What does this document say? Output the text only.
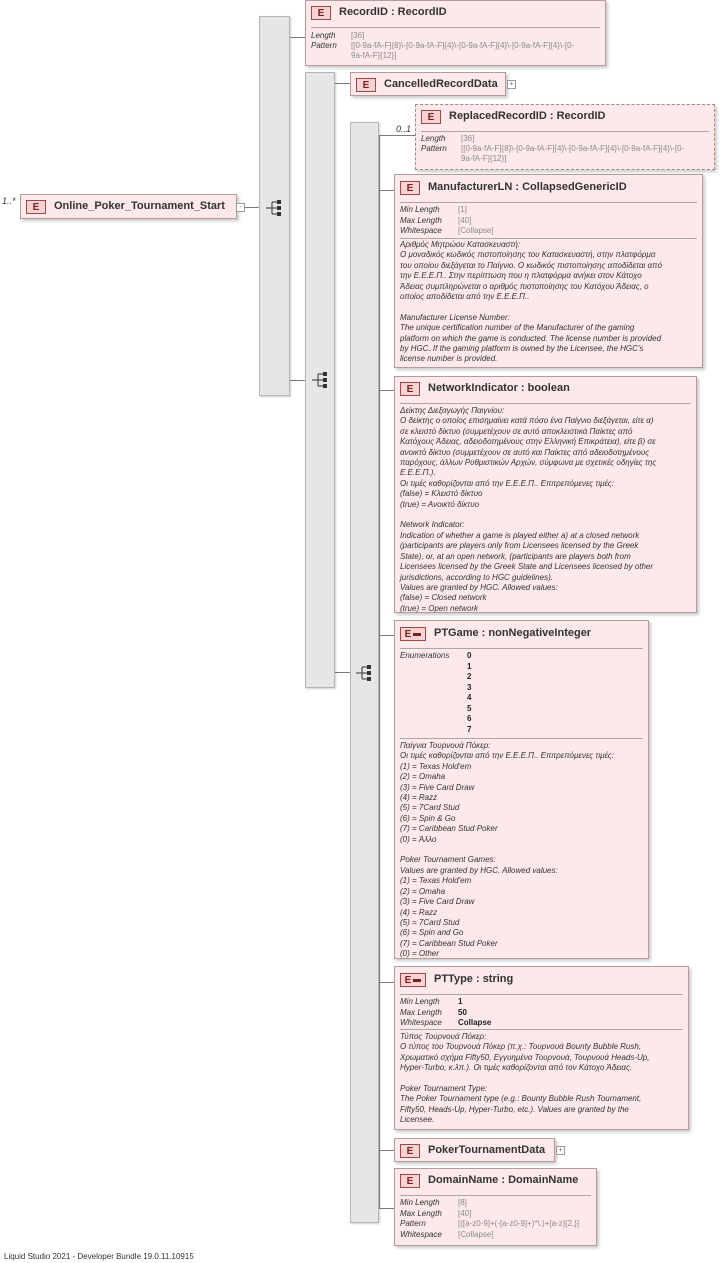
1..*
E	Online_Poker_Tournament_Start	-
E	RecordID : RecordID
Length [36]
Pattern [[0-9a-fA-F]{8}\-[0-9a-fA-F]{4}\-[0-9a-fA-F]{4}\-[0-9a-fA-F]{4}\-[0-
9a-fA-F]{12}]
E	CancelledRecordData	+
0..1
E	ReplacedRecordID : RecordID
Length [36]
Pattern [[0-9a-fA-F]{8}\-[0-9a-fA-F]{4}\-[0-9a-fA-F]{4}\-[0-9a-fA-F]{4}\-[0-
9a-fA-F]{12}]
E	ManufacturerLN : CollapsedGenericID
Min Length [1]
Max Length [40]
Whitespace [Collapse]
Αριθμός Μητρώου Κατασκευαστή:
Ο μοναδικός κωδικός πιστοποίησης του Κατασκευαστή, στην πλατφόρμα
του οποίου διεξάγεται το Παίγνιο. Ο κωδικός πιστοποίησης αποδίδεται από
την Ε.Ε.Ε.Π.. Στην περίπτωση που η πλατφόρμα ανήκει στον Κάτοχο
Άδειας συμπληρώνεται ο αριθμός πιστοποίησης του Κατόχου Άδειας, ο
οποίος αποδίδεται από την Ε.Ε.Ε.Π..

Manufacturer License Number:
The unique certification number of the Manufacturer of the gaming
platform on which the game is conducted. The license number is provided
by HGC. If the gaming platform is owned by the Licensee, the HGC's
license number is provided.
E	NetworkIndicator : boolean
Δείκτης Διεξαγωγής Παιγνίου:
Ο δείκτης ο οποίος επισημαίνει κατά πόσο ένα Παίγνιο διεξάγεται, είτε α)
σε κλειστό δίκτυο (συμμετέχουν σε αυτό αποκλειστικά Παίκτες από
Κατόχους Άδειας, αδειοδοτημένους στην Ελληνική Επικράτεια), είτε β) σε
ανοικτό δίκτυο (συμμετέχουν σε αυτό και Παίκτες από αδειοδοτημένους
παρόχους, άλλων Ρυθμιστικών Αρχών, σύμφωνα με σχετικές οδηγίες της
Ε.Ε.Ε.Π.).
Οι τιμές καθορίζονται από την Ε.Ε.Ε.Π.. Επιτρεπόμενες τιμές:
(false) = Κλειστό δίκτυο
(true) = Ανοικτό δίκτυο

Network Indicator:
Indication of whether a game is played either a) at a closed network
(participants are players only from Licensees licensed by the Greek
State), or, at an open network, (participants are players both from
Licensees licensed by the Greek State and Licensees licensed by other
jurisdictions, according to HGC guidelines).
Values are granted by HGC. Allowed values:
(false) = Closed network
(true) = Open network
E	PTGame : nonNegativeInteger
Enumerations 0
1
2
3
4
5
6
7
Παίγνια Τουρνουά Πόκερ:
Οι τιμές καθορίζονται από την Ε.Ε.Ε.Π.. Επιτρεπόμενες τιμές:
(1) = Texas Hold'em
(2) = Omaha
(3) = Five Card Draw
(4) = Razz
(5) = 7Card Stud
(6) = Spin & Go
(7) = Caribbean Stud Poker
(0) = Άλλο

Poker Tournament Games:
Values are granted by HGC. Allowed values:
(1) = Texas Hold'em
(2) = Omaha
(3) = Five Card Draw
(4) = Razz
(5) = 7Card Stud
(6) = Spin and Go
(7) = Caribbean Stud Poker
(0) = Other
E	PTType : string
Min Length 1
Max Length 50
Whitespace Collapse
Τύπος Τουρνουά Πόκερ:
Ο τύπος του Τουρνουά Πόκερ (π.χ.: Τουρνουά Bounty Bubble Rush,
Χρωματικό σχήμα Fifty50, Εγγυημένα Τουρνουά, Τουρνουά Heads-Up,
Hyper-Turbo, κ.λπ.). Οι τιμές καθορίζονται από τον Κάτοχο Άδειας.

Poker Tournament Type:
The Poker Tournament type (e.g.: Bounty Bubble Rush Tournament,
Fifty50, Heads-Up, Hyper-Turbo, etc.). Values are granted by the
Licensee.
E	PokerTournamentData	+
E	DomainName : DomainName
Min Length [8]
Max Length [40]
Pattern	[([a-z0-9]+(-[a-z0-9]+)*\.)+[a-z]{2,}]
Whitespace [Collapse]
Liquid Studio 2021 - Developer Bundle 19.0.11.10915
